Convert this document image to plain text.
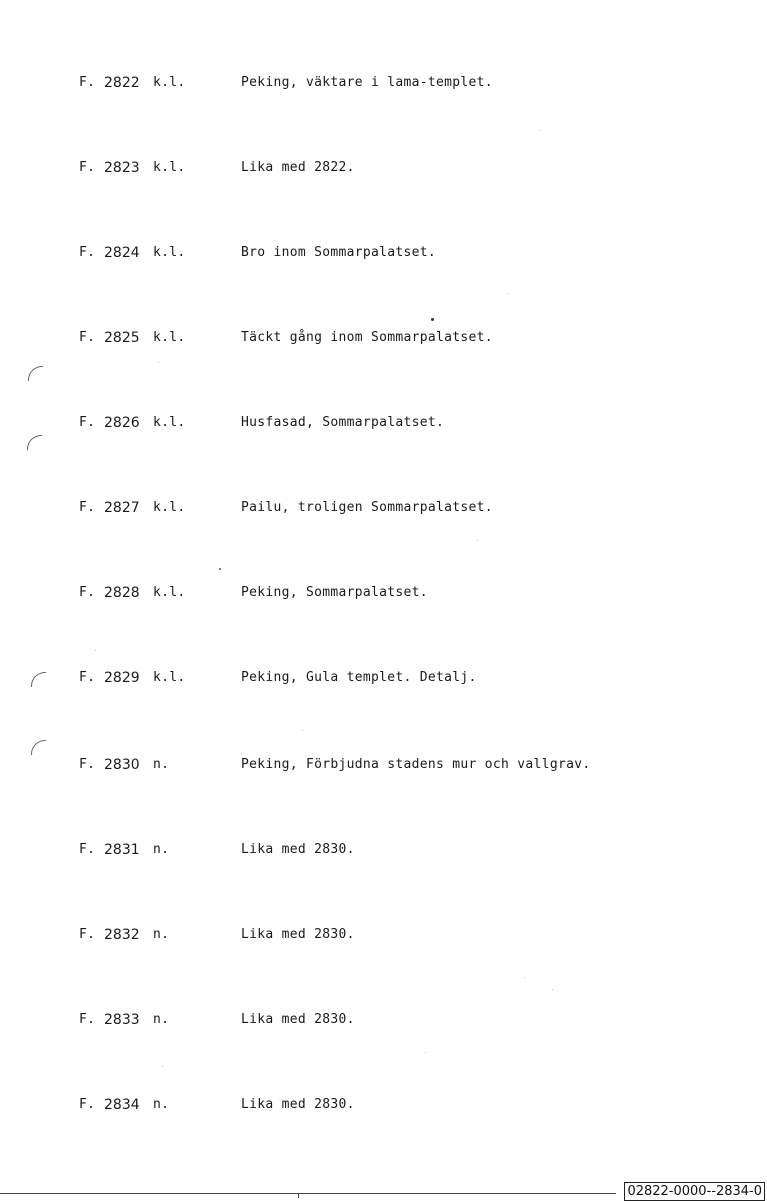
F. 2822 k.l.	Peking, väktare i lama-templet.
F. 2823 k.l.	Lika med 2822.
F. 2824 k.l.	Bro inom Sommarpalatset.
F. 2825 k.l.	Täckt gång inom Sommarpalatset.
F. 2826 k.l.	Husfasad, Sommarpalatset.
F. 2827 k.l.	Pailu, troligen Sommarpalatset.
F. 2828 k.l.	Peking, Sommarpalatset.
F. 2829 k.l.	Peking, Gula templet. Detalj.
F. 2830 n.	Peking, Förbjudna stadens mur och vallgrav.
F. 2831 n.	Lika med 2830.
F. 2832 n.	Lika med 2830.
F. 2833 n.	Lika med 2830.
F. 2834 n.	Lika med 2830.
02822-0000--2834-0
